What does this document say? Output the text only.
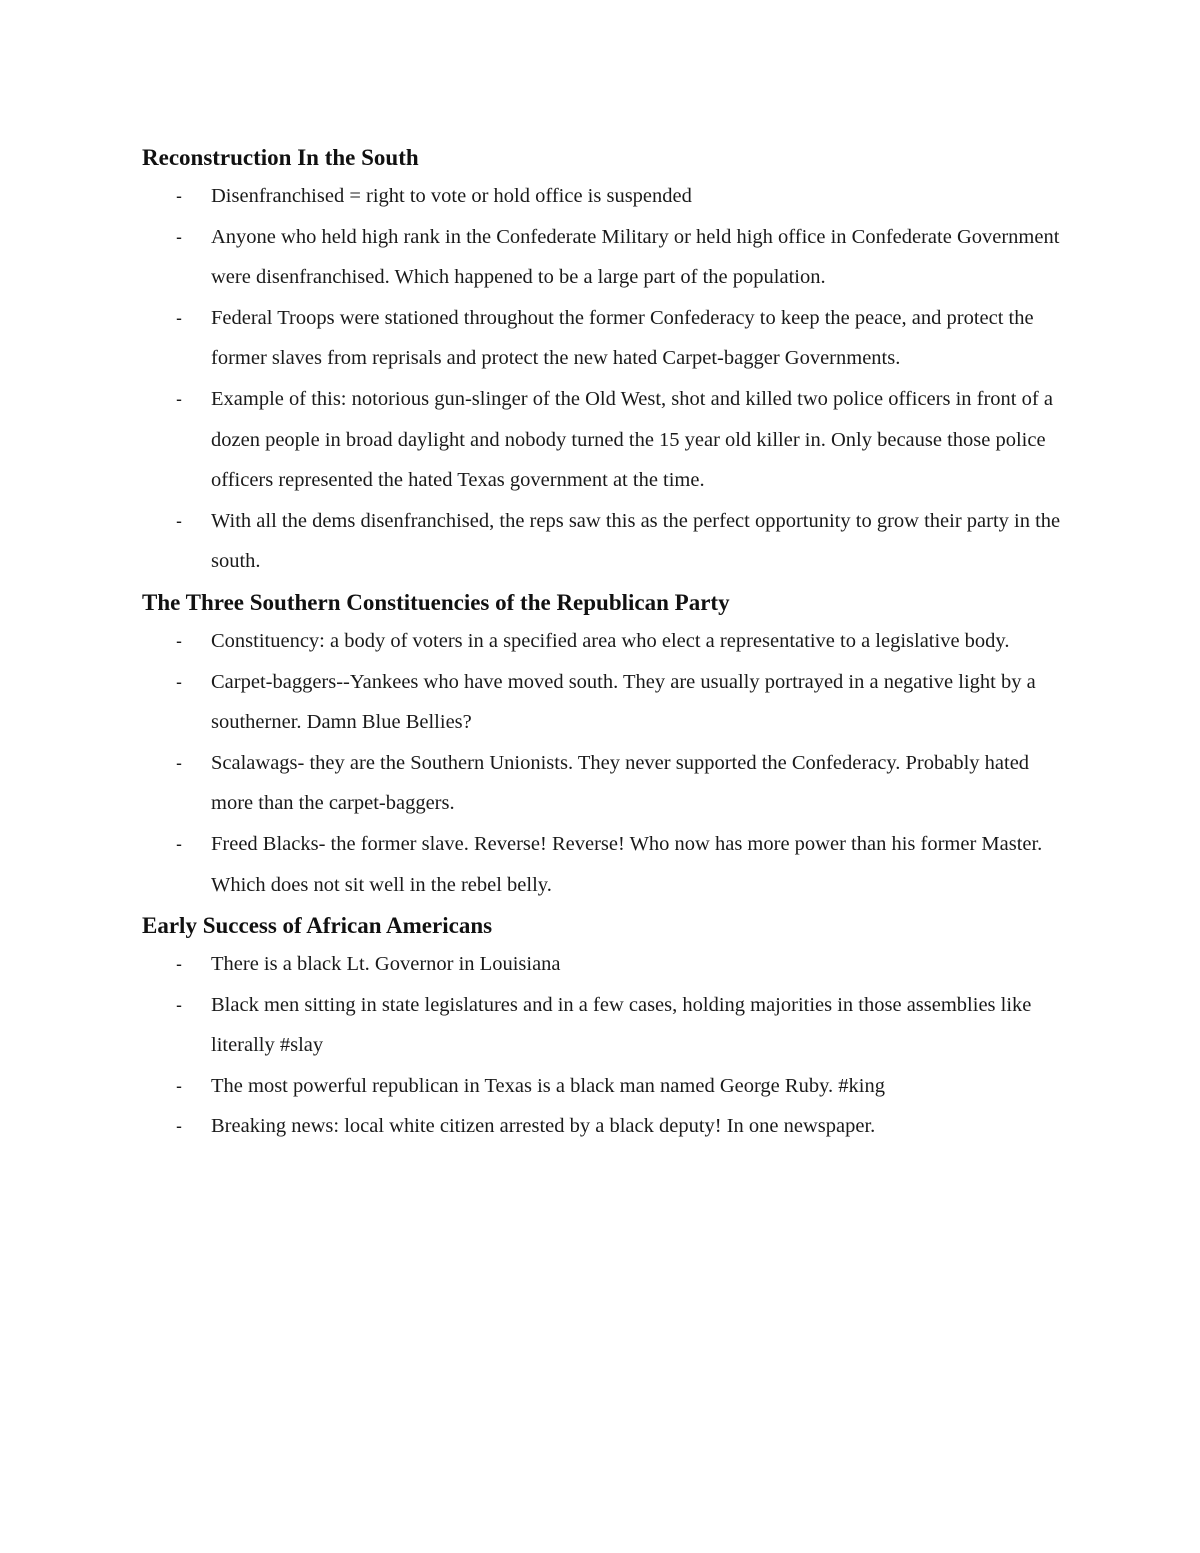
Reconstruction In the South
-	Disenfranchised = right to vote or hold office is suspended
-	Anyone who held high rank in the Confederate Military or held high office in Confederate Government were disenfranchised. Which happened to be a large part of the population.
-	Federal Troops were stationed throughout the former Confederacy to keep the peace, and protect the former slaves from reprisals and protect the new hated Carpet-bagger Governments.
-	Example of this: notorious gun-slinger of the Old West, shot and killed two police officers in front of a dozen people in broad daylight and nobody turned the 15 year old killer in. Only because those police officers represented the hated Texas government at the time.
-	With all the dems disenfranchised, the reps saw this as the perfect opportunity to grow their party in the south.
The Three Southern Constituencies of the Republican Party
-	Constituency: a body of voters in a specified area who elect a representative to a legislative body.
-	Carpet-baggers--Yankees who have moved south. They are usually portrayed in a negative light by a southerner. Damn Blue Bellies?
-	Scalawags- they are the Southern Unionists. They never supported the Confederacy. Probably hated more than the carpet-baggers.
-	Freed Blacks- the former slave. Reverse! Reverse! Who now has more power than his former Master. Which does not sit well in the rebel belly.
Early Success of African Americans
-	There is a black Lt. Governor in Louisiana
-	Black men sitting in state legislatures and in a few cases, holding majorities in those assemblies like literally #slay
-	The most powerful republican in Texas is a black man named George Ruby. #king
-	Breaking news: local white citizen arrested by a black deputy! In one newspaper.
